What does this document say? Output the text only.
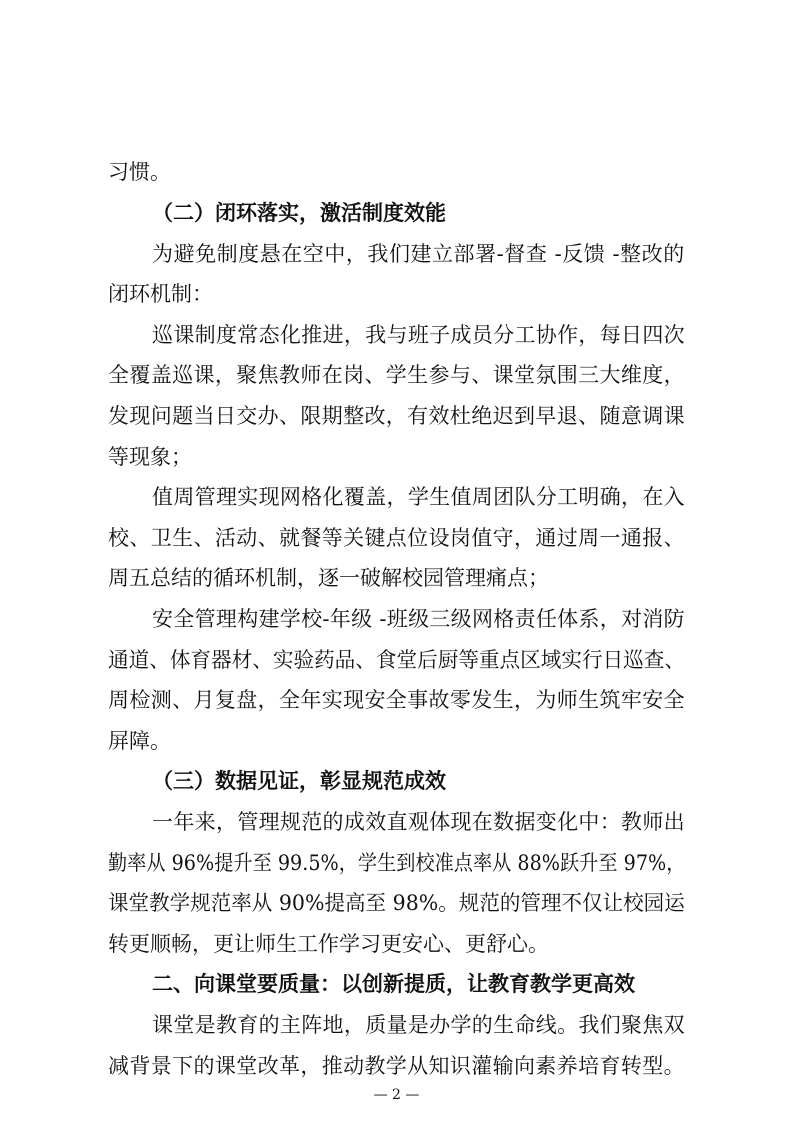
习惯。
（二）闭环落实，激活制度效能
为避免制度悬在空中，我们建立部署-督查 -反馈 -整改的
闭环机制：
巡课制度常态化推进，我与班子成员分工协作，每日四次
全覆盖巡课，聚焦教师在岗、学生参与、课堂氛围三大维度，
发现问题当日交办、限期整改，有效杜绝迟到早退、随意调课
等现象；
值周管理实现网格化覆盖，学生值周团队分工明确，在入
校、卫生、活动、就餐等关键点位设岗值守，通过周一通报、
周五总结的循环机制，逐一破解校园管理痛点；
安全管理构建学校-年级 -班级三级网格责任体系，对消防
通道、体育器材、实验药品、食堂后厨等重点区域实行日巡查、
周检测、月复盘，全年实现安全事故零发生，为师生筑牢安全
屏障。
（三）数据见证，彰显规范成效
一年来，管理规范的成效直观体现在数据变化中：教师出
勤率从 96%提升至 99.5%，学生到校准点率从 88%跃升至 97%，
课堂教学规范率从 90%提高至 98%。规范的管理不仅让校园运
转更顺畅，更让师生工作学习更安心、更舒心。
二、向课堂要质量：以创新提质，让教育教学更高效
课堂是教育的主阵地，质量是办学的生命线。我们聚焦双
减背景下的课堂改革，推动教学从知识灌输向素养培育转型。
— 2 —
